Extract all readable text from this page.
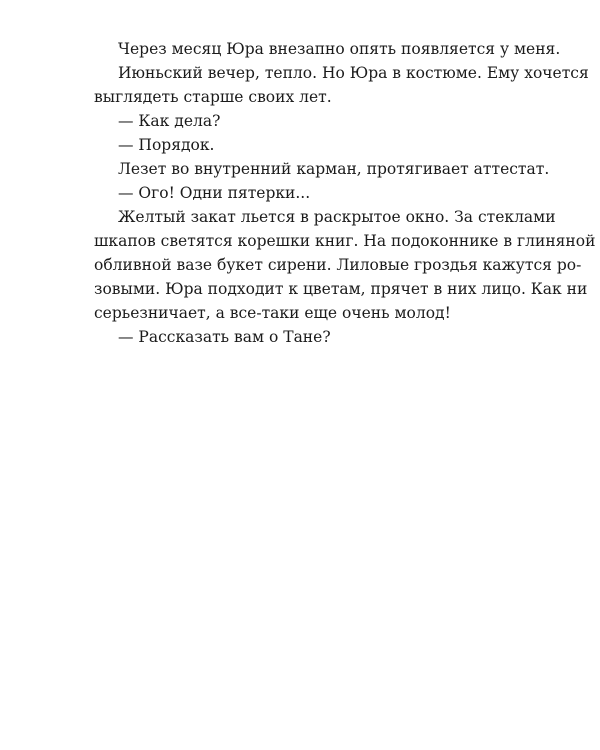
Через месяц Юра внезапно опять появляется у меня.
Июньский вечер, тепло. Но Юра в костюме. Ему хочется
выглядеть старше своих лет.
— Как дела?
— Порядок.
Лезет во внутренний карман, протягивает аттестат.
— Ого! Одни пятерки...
Желтый закат льется в раскрытое окно. За стеклами
шкапов светятся корешки книг. На подоконнике в глиняной
обливной вазе букет сирени. Лиловые гроздья кажутся ро-
зовыми. Юра подходит к цветам, прячет в них лицо. Как ни
серьезничает, а все-таки еще очень молод!
— Рассказать вам о Тане?
